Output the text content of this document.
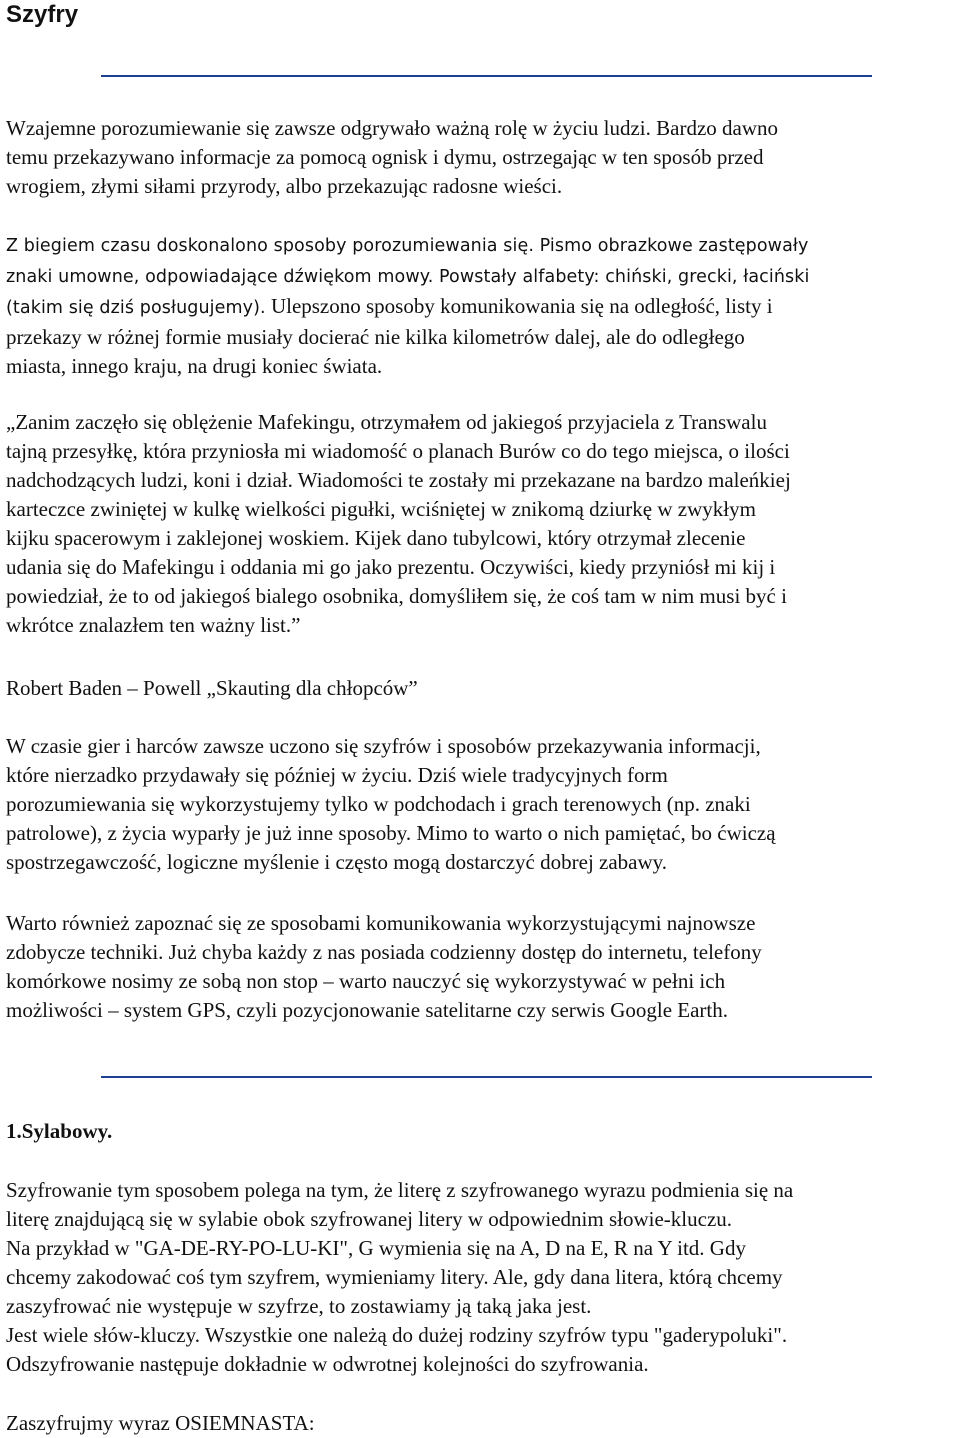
Szyfry

Wzajemne porozumiewanie się zawsze odgrywało ważną rolę w życiu ludzi. Bardzo dawno
temu przekazywano informacje za pomocą ognisk i dymu, ostrzegając w ten sposób przed
wrogiem, złymi siłami przyrody, albo przekazując radosne wieści.

Z biegiem czasu doskonalono sposoby porozumiewania się. Pismo obrazkowe zastępowały
znaki umowne, odpowiadające dźwiękom mowy. Powstały alfabety: chiński, grecki, łaciński
(takim się dziś posługujemy). Ulepszono sposoby komunikowania się na odległość, listy i
przekazy w różnej formie musiały docierać nie kilka kilometrów dalej, ale do odległego
miasta, innego kraju, na drugi koniec świata.

„Zanim zaczęło się oblężenie Mafekingu, otrzymałem od jakiegoś przyjaciela z Transwalu
tajną przesyłkę, która przyniosła mi wiadomość o planach Burów co do tego miejsca, o ilości
nadchodzących ludzi, koni i dział. Wiadomości te zostały mi przekazane na bardzo maleńkiej
karteczce zwiniętej w kulkę wielkości pigułki, wciśniętej w znikomą dziurkę w zwykłym
kijku spacerowym i zaklejonej woskiem. Kijek dano tubylcowi, który otrzymał zlecenie
udania się do Mafekingu i oddania mi go jako prezentu. Oczywiści, kiedy przyniósł mi kij i
powiedział, że to od jakiegoś bialego osobnika, domyśliłem się, że coś tam w nim musi być i
wkrótce znalazłem ten ważny list.”

Robert Baden – Powell „Skauting dla chłopców”

W czasie gier i harców zawsze uczono się szyfrów i sposobów przekazywania informacji,
które nierzadko przydawały się później w życiu. Dziś wiele tradycyjnych form
porozumiewania się wykorzystujemy tylko w podchodach i grach terenowych (np. znaki
patrolowe), z życia wyparły je już inne sposoby. Mimo to warto o nich pamiętać, bo ćwiczą
spostrzegawczość, logiczne myślenie i często mogą dostarczyć dobrej zabawy.

Warto również zapoznać się ze sposobami komunikowania wykorzystującymi najnowsze
zdobycze techniki. Już chyba każdy z nas posiada codzienny dostęp do internetu, telefony
komórkowe nosimy ze sobą non stop – warto nauczyć się wykorzystywać w pełni ich
możliwości – system GPS, czyli pozycjonowanie satelitarne czy serwis Google Earth.

1.Sylabowy.

Szyfrowanie tym sposobem polega na tym, że literę z szyfrowanego wyrazu podmienia się na
literę znajdującą się w sylabie obok szyfrowanej litery w odpowiednim słowie-kluczu.
Na przykład w "GA-DE-RY-PO-LU-KI", G wymienia się na A, D na E, R na Y itd. Gdy
chcemy zakodować coś tym szyfrem, wymieniamy litery. Ale, gdy dana litera, którą chcemy
zaszyfrować nie występuje w szyfrze, to zostawiamy ją taką jaka jest.
Jest wiele słów-kluczy. Wszystkie one należą do dużej rodziny szyfrów typu "gaderypoluki".
Odszyfrowanie następuje dokładnie w odwrotnej kolejności do szyfrowania.

Zaszyfrujmy wyraz OSIEMNASTA:
